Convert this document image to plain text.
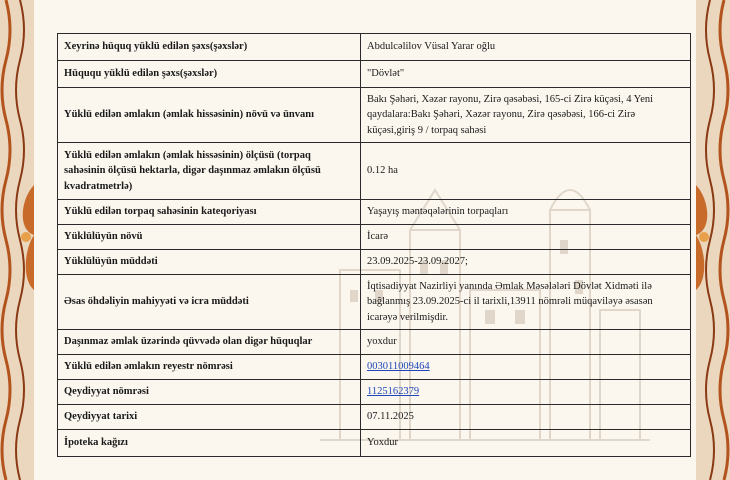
Xeyrinə hüquq yüklü edilən şəxs(şəxslər)	Abdulcəlilov Vüsal Yarar oğlu
Hüququ yüklü edilən şəxs(şəxslər)	"Dövlət"
Yüklü edilən əmlakın (əmlak hissəsinin) növü və ünvanı	Bakı Şəhəri, Xəzər rayonu, Zirə qəsəbəsi, 165-ci Zirə küçəsi, 4 Yeni qaydalara:Bakı Şəhəri, Xəzər rayonu, Zirə qəsəbəsi, 166-ci Zirə küçəsi,giriş 9 / torpaq sahəsi
Yüklü edilən əmlakın (əmlak hissəsinin) ölçüsü (torpaq sahəsinin ölçüsü hektarla, digər daşınmaz əmlakın ölçüsü kvadratmetrlə)	0.12 ha
Yüklü edilən torpaq sahəsinin kateqoriyası	Yaşayış məntəqələrinin torpaqları
Yüklülüyün növü	İcarə
Yüklülüyün müddəti	23.09.2025-23.09.2027;
Əsas öhdəliyin mahiyyəti və icra müddəti	İqtisadiyyat Nazirliyi yanında Əmlak Məsələləri Dövlət Xidməti ilə bağlanmış 23.09.2025-ci il tarixli,13911 nömrəli müqaviləyə əsasən icarəyə verilmişdir.
Daşınmaz əmlak üzərində qüvvədə olan digər hüquqlar	yoxdur
Yüklü edilən əmlakın reyestr nömrəsi	003011009464
Qeydiyyat nömrəsi	1125162379
Qeydiyyat tarixi	07.11.2025
İpoteka kağızı	Yoxdur
